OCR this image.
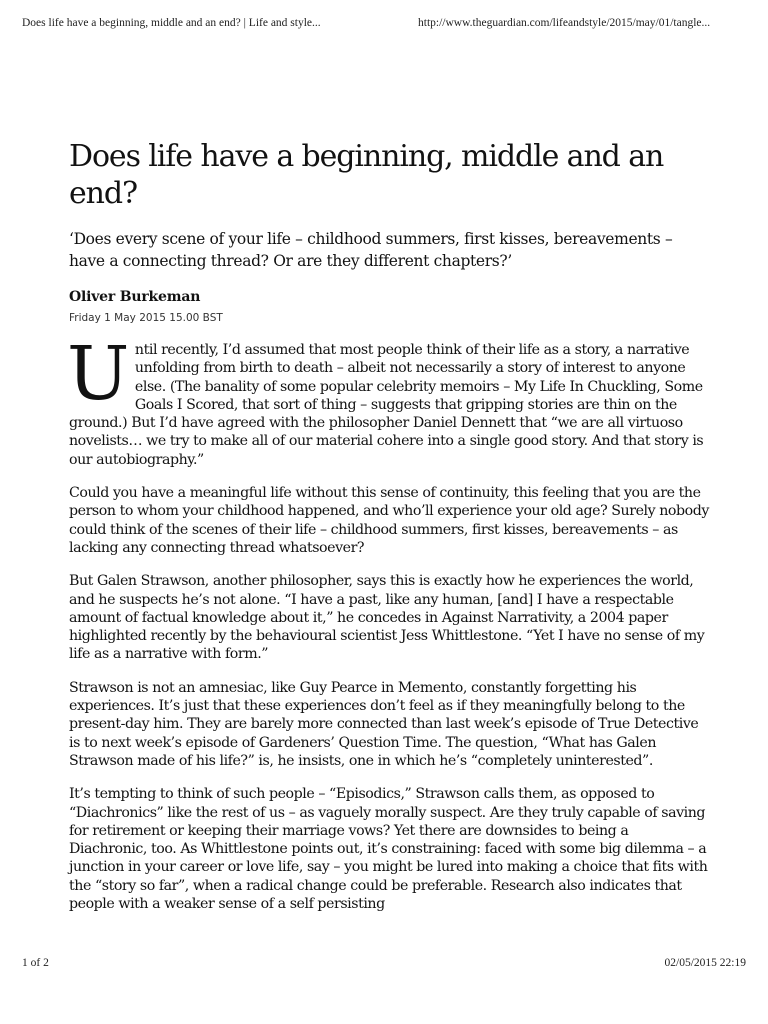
Does life have a beginning, middle and an end? | Life and style...	http://www.theguardian.com/lifeandstyle/2015/may/01/tangle...
Does life have a beginning, middle and an end?

‘Does every scene of your life – childhood summers, first kisses, bereavements – have a connecting thread? Or are they different chapters?’

Oliver Burkeman

Friday 1 May 2015 15.00 BST

Until recently, I’d assumed that most people think of their life as a story, a narrative unfolding from birth to death – albeit not necessarily a story of interest to anyone else. (The banality of some popular celebrity memoirs – My Life In Chuckling, Some Goals I Scored, that sort of thing – suggests that gripping stories are thin on the ground.) But I’d have agreed with the philosopher Daniel Dennett that “we are all virtuoso novelists… we try to make all of our material cohere into a single good story. And that story is our autobiography.”

Could you have a meaningful life without this sense of continuity, this feeling that you are the person to whom your childhood happened, and who’ll experience your old age? Surely nobody could think of the scenes of their life – childhood summers, first kisses, bereavements – as lacking any connecting thread whatsoever?

But Galen Strawson, another philosopher, says this is exactly how he experiences the world, and he suspects he’s not alone. “I have a past, like any human, [and] I have a respectable amount of factual knowledge about it,” he concedes in Against Narrativity, a 2004 paper highlighted recently by the behavioural scientist Jess Whittlestone. “Yet I have no sense of my life as a narrative with form.”

Strawson is not an amnesiac, like Guy Pearce in Memento, constantly forgetting his experiences. It’s just that these experiences don’t feel as if they meaningfully belong to the present-day him. They are barely more connected than last week’s episode of True Detective is to next week’s episode of Gardeners’ Question Time. The question, “What has Galen Strawson made of his life?” is, he insists, one in which he’s “completely uninterested”.

It’s tempting to think of such people – “Episodics,” Strawson calls them, as opposed to “Diachronics” like the rest of us – as vaguely morally suspect. Are they truly capable of saving for retirement or keeping their marriage vows? Yet there are downsides to being a Diachronic, too. As Whittlestone points out, it’s constraining: faced with some big dilemma – a junction in your career or love life, say – you might be lured into making a choice that fits with the “story so far”, when a radical change could be preferable. Research also indicates that people with a weaker sense of a self persisting

1 of 2	02/05/2015 22:19
